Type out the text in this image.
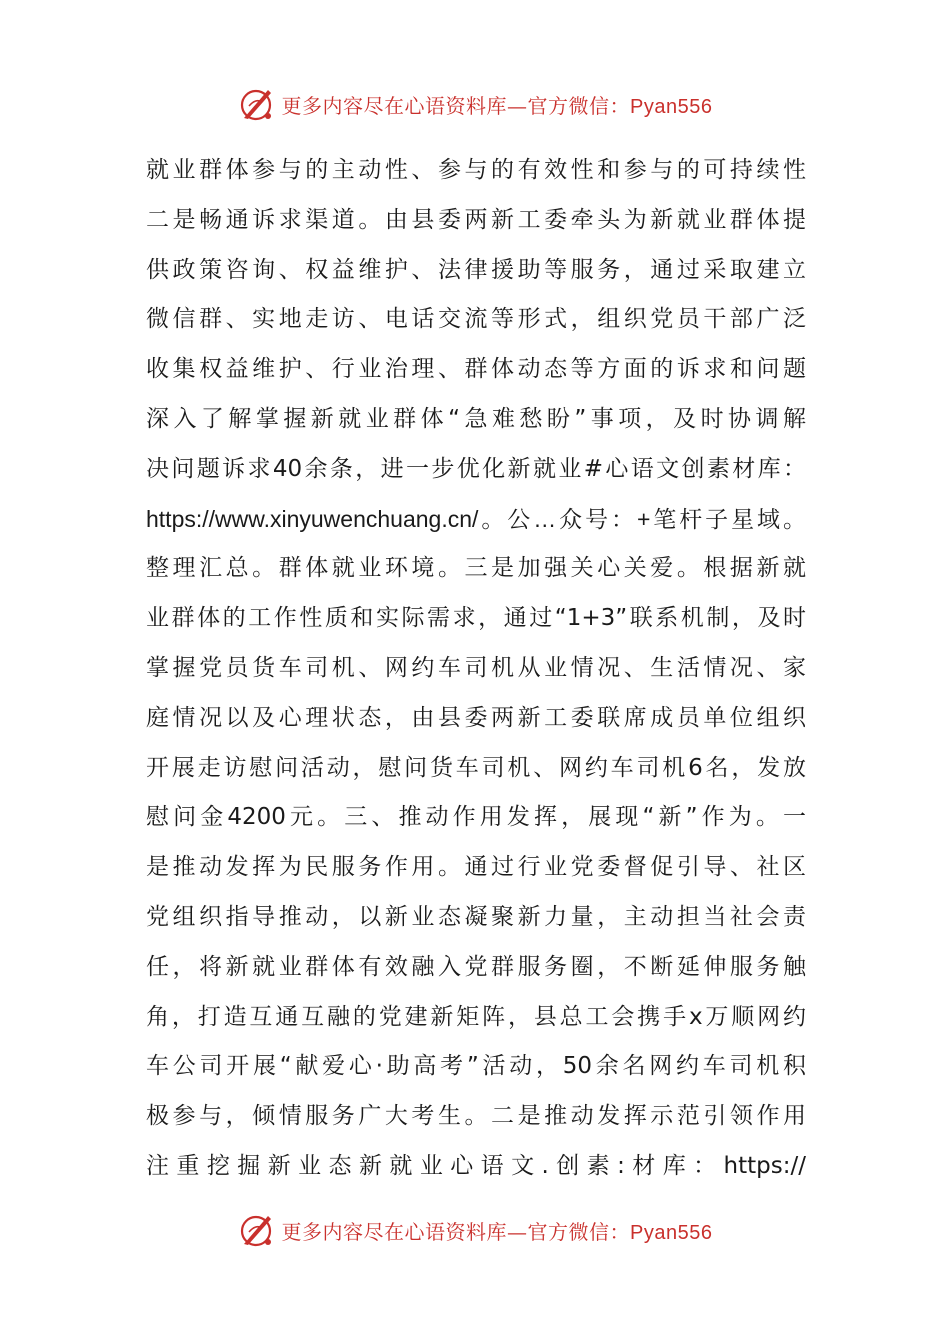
更多内容尽在心语资料库—官方微信：Pyan556
就业群体参与的主动性、参与的有效性和参与的可持续性
二是畅通诉求渠道。由县委两新工委牵头为新就业群体提
供政策咨询、权益维护、法律援助等服务，通过采取建立
微信群、实地走访、电话交流等形式，组织党员干部广泛
收集权益维护、行业治理、群体动态等方面的诉求和问题
深入了解掌握新就业群体“急难愁盼”事项，及时协调解
决问题诉求40余条，进一步优化新就业#心语文创素材库：
https://www.xinyuwenchuang.cn/。公…众号：+笔杆子星域。
整理汇总。群体就业环境。三是加强关心关爱。根据新就
业群体的工作性质和实际需求，通过“1+3”联系机制，及时
掌握党员货车司机、网约车司机从业情况、生活情况、家
庭情况以及心理状态，由县委两新工委联席成员单位组织
开展走访慰问活动，慰问货车司机、网约车司机6名，发放
慰问金4200元。三、推动作用发挥，展现“新”作为。一
是推动发挥为民服务作用。通过行业党委督促引导、社区
党组织指导推动，以新业态凝聚新力量，主动担当社会责
任，将新就业群体有效融入党群服务圈，不断延伸服务触
角，打造互通互融的党建新矩阵，县总工会携手x万顺网约
车公司开展“献爱心·助高考”活动，50余名网约车司机积
极参与，倾情服务广大考生。二是推动发挥示范引领作用
注重挖掘新业态新就业心语文.创素:材库：https://
更多内容尽在心语资料库—官方微信：Pyan556
